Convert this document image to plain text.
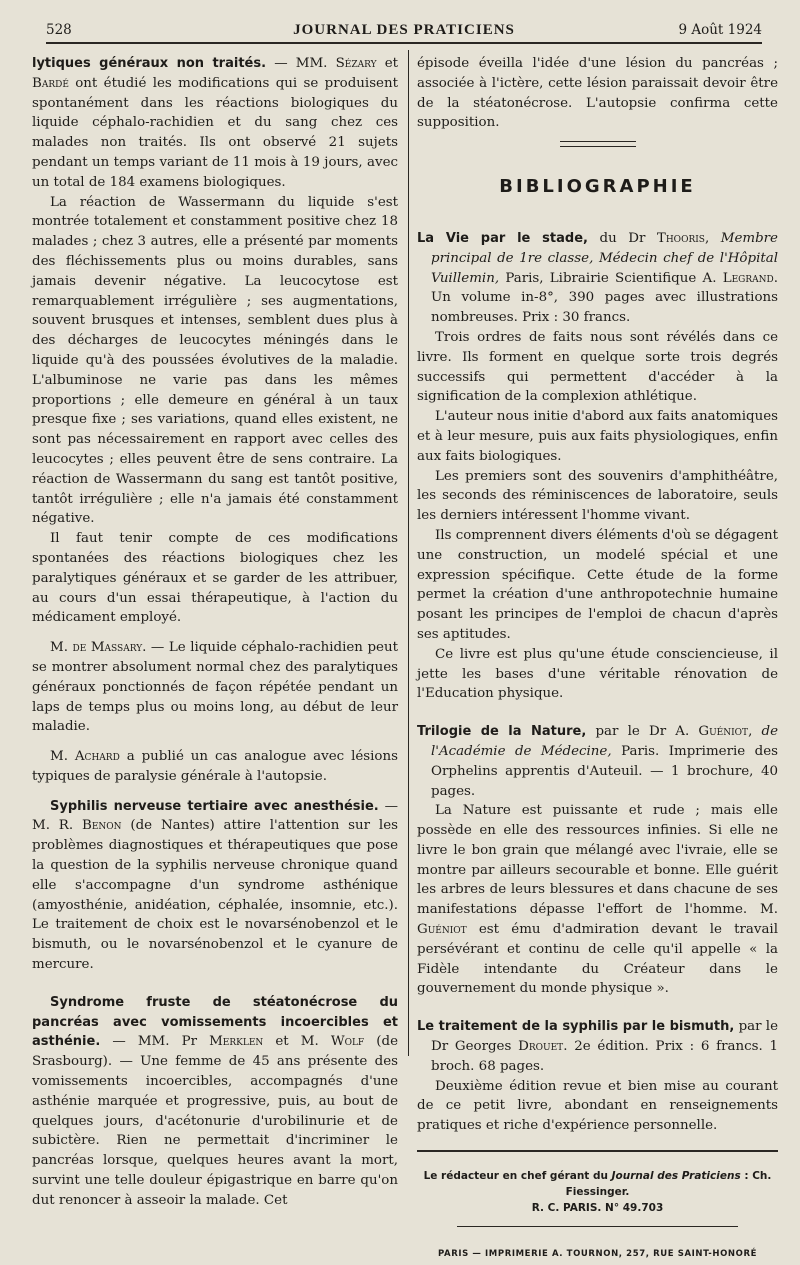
528	JOURNAL DES PRATICIENS	9 Août 1924

lytiques généraux non traités. — MM. Sézary et Bardé ont étudié les modifications qui se produisent spontanément dans les réactions biologiques du liquide céphalo-rachidien et du sang chez ces malades non traités. Ils ont observé 21 sujets pendant un temps variant de 11 mois à 19 jours, avec un total de 184 examens biologiques.

La réaction de Wassermann du liquide s'est montrée totalement et constamment positive chez 18 malades ; chez 3 autres, elle a présenté par moments des fléchissements plus ou moins durables, sans jamais devenir négative. La leucocytose est remarquablement irrégulière ; ses augmentations, souvent brusques et intenses, semblent dues plus à des décharges de leucocytes méningés dans le liquide qu'à des poussées évolutives de la maladie. L'albuminose ne varie pas dans les mêmes proportions ; elle demeure en général à un taux presque fixe ; ses variations, quand elles existent, ne sont pas nécessairement en rapport avec celles des leucocytes ; elles peuvent être de sens contraire. La réaction de Wassermann du sang est tantôt positive, tantôt irrégulière ; elle n'a jamais été constamment négative.

Il faut tenir compte de ces modifications spontanées des réactions biologiques chez les paralytiques généraux et se garder de les attribuer, au cours d'un essai thérapeutique, à l'action du médicament employé.

M. de Massary. — Le liquide céphalo-rachidien peut se montrer absolument normal chez des paralytiques généraux ponctionnés de façon répétée pendant un laps de temps plus ou moins long, au début de leur maladie.

M. Achard a publié un cas analogue avec lésions typiques de paralysie générale à l'autopsie.

Syphilis nerveuse tertiaire avec anesthésie. — M. R. Benon (de Nantes) attire l'attention sur les problèmes diagnostiques et thérapeutiques que pose la question de la syphilis nerveuse chronique quand elle s'accompagne d'un syndrome asthénique (amyosthénie, anidéation, céphalée, insomnie, etc.). Le traitement de choix est le novarsénobenzol et le bismuth, ou le novarsénobenzol et le cyanure de mercure.

Syndrome fruste de stéatonécrose du pancréas avec vomissements incoercibles et asthénie. — MM. Pr Merklen et M. Wolf (de Srasbourg). — Une femme de 45 ans présente des vomissements incoercibles, accompagnés d'une asthénie marquée et progressive, puis, au bout de quelques jours, d'acétonurie d'urobilinurie et de subictère. Rien ne permettait d'incriminer le pancréas lorsque, quelques heures avant la mort, survint une telle douleur épigastrique en barre qu'on dut renoncer à asseoir la malade. Cet

épisode éveilla l'idée d'une lésion du pancréas ; associée à l'ictère, cette lésion paraissait devoir être de la stéatonécrose. L'autopsie confirma cette supposition.

BIBLIOGRAPHIE

La Vie par le stade, du Dr Thooris, Membre principal de 1re classe, Médecin chef de l'Hôpital Vuillemin, Paris, Librairie Scientifique A. Legrand. Un volume in-8°, 390 pages avec illustrations nombreuses. Prix : 30 francs.

Trois ordres de faits nous sont révélés dans ce livre. Ils forment en quelque sorte trois degrés successifs qui permettent d'accéder à la signification de la complexion athlétique.

L'auteur nous initie d'abord aux faits anatomiques et à leur mesure, puis aux faits physiologiques, enfin aux faits biologiques.

Les premiers sont des souvenirs d'amphithéâtre, les seconds des réminiscences de laboratoire, seuls les derniers intéressent l'homme vivant.

Ils comprennent divers éléments d'où se dégagent une construction, un modelé spécial et une expression spécifique. Cette étude de la forme permet la création d'une anthropotechnie humaine posant les principes de l'emploi de chacun d'après ses aptitudes.

Ce livre est plus qu'une étude consciencieuse, il jette les bases d'une véritable rénovation de l'Education physique.

Trilogie de la Nature, par le Dr A. Guéniot, de l'Académie de Médecine, Paris. Imprimerie des Orphelins apprentis d'Auteuil. — 1 brochure, 40 pages.

La Nature est puissante et rude ; mais elle possède en elle des ressources infinies. Si elle ne livre le bon grain que mélangé avec l'ivraie, elle se montre par ailleurs secourable et bonne. Elle guérit les arbres de leurs blessures et dans chacune de ses manifestations dépasse l'effort de l'homme. M. Guéniot est ému d'admiration devant le travail persévérant et continu de celle qu'il appelle « la Fidèle intendante du Créateur dans le gouvernement du monde physique ».

Le traitement de la syphilis par le bismuth, par le Dr Georges Drouet. 2e édition. Prix : 6 francs. 1 broch. 68 pages.

Deuxième édition revue et bien mise au courant de ce petit livre, abondant en renseignements pratiques et riche d'expérience personnelle.

Le rédacteur en chef gérant du Journal des Praticiens : Ch. Fiessinger.
R. C. PARIS. N° 49.703

PARIS — IMPRIMERIE A. TOURNON, 257, RUE SAINT-HONORÉ
